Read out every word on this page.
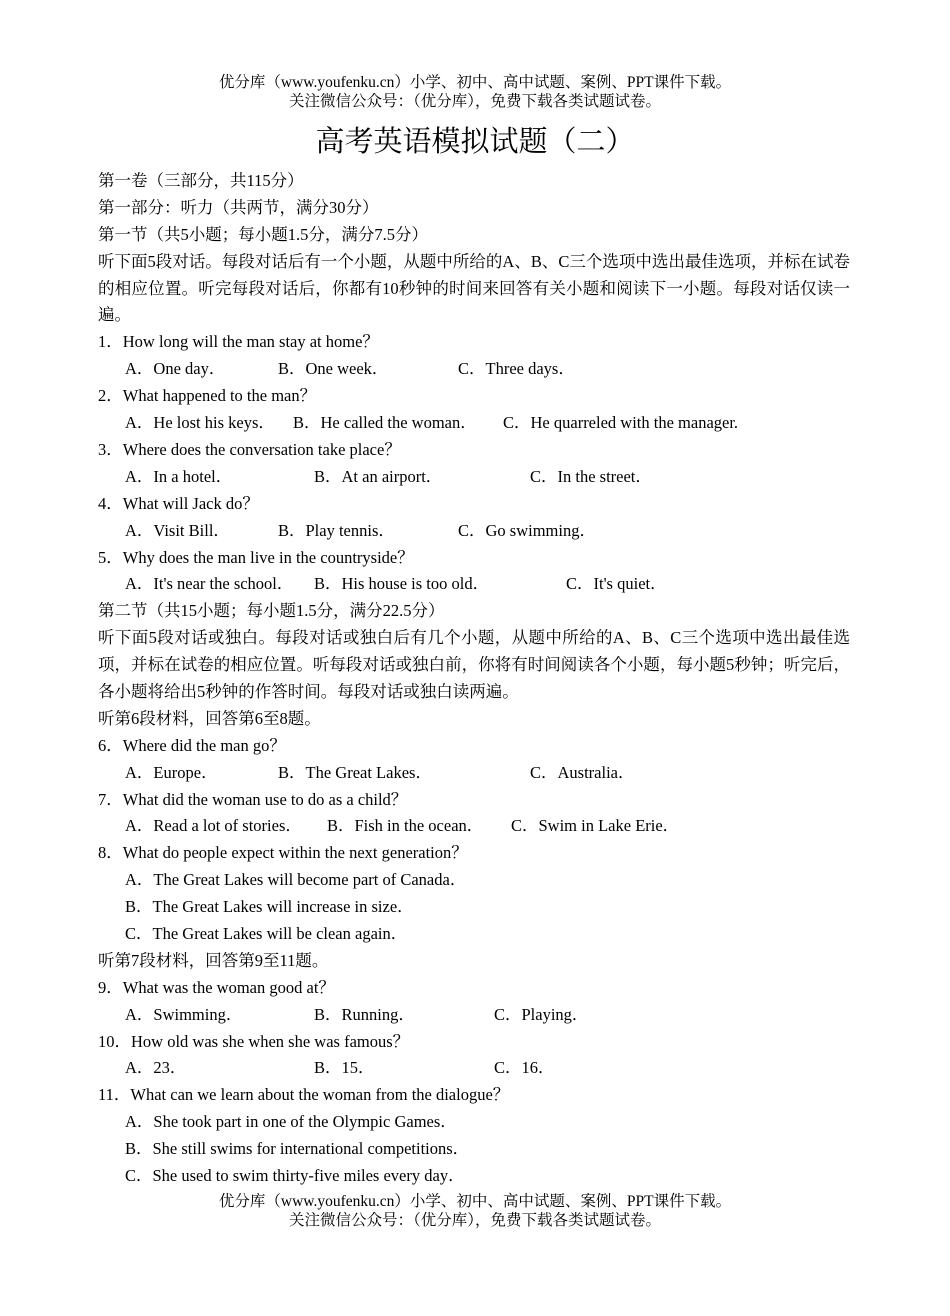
优分库（www.youfenku.cn）小学、初中、高中试题、案例、PPT课件下载。
关注微信公众号：（优分库），免费下载各类试题试卷。
高考英语模拟试题（二）
第一卷（三部分，共115分）
第一部分：听力（共两节，满分30分）
第一节（共5小题；每小题1.5分，满分7.5分）
听下面5段对话。每段对话后有一个小题，从题中所给的A、B、C三个选项中选出最佳选项，并标在试卷的相应位置。听完每段对话后，你都有10秒钟的时间来回答有关小题和阅读下一小题。每段对话仅读一遍。
1．How long will the man stay at home？
A．One day．	B．One week．	C．Three days．
2．What happened to the man？
A．He lost his keys． B．He called the woman． C．He quarreled with the manager.
3．Where does the conversation take place？
A．In a hotel．	B．At an airport．	C．In the street．
4．What will Jack do？
A．Visit Bill．	B．Play tennis．	C．Go swimming．
5．Why does the man live in the countryside？
A．It's near the school． B．His house is too old．	C．It's quiet．
第二节（共15小题；每小题1.5分，满分22.5分）
听下面5段对话或独白。每段对话或独白后有几个小题，从题中所给的A、B、C三个选项中选出最佳选项，并标在试卷的相应位置。听每段对话或独白前，你将有时间阅读各个小题，每小题5秒钟；听完后，各小题将给出5秒钟的作答时间。每段对话或独白读两遍。
听第6段材料，回答第6至8题。
6．Where did the man go？
A．Europe．	B．The Great Lakes．	C．Australia．
7．What did the woman use to do as a child？
A．Read a lot of stories． B．Fish in the ocean． C．Swim in Lake Erie．
8．What do people expect within the next generation？
A．The Great Lakes will become part of Canada．
B．The Great Lakes will increase in size．
C．The Great Lakes will be clean again．
听第7段材料，回答第9至11题。
9．What was the woman good at？
A．Swimming．	B．Running．	C．Playing．
10．How old was she when she was famous？
A．23．	B．15．	C．16．
11．What can we learn about the woman from the dialogue？
A．She took part in one of the Olympic Games．
B．She still swims for international competitions．
C．She used to swim thirty-five miles every day．
优分库（www.youfenku.cn）小学、初中、高中试题、案例、PPT课件下载。
关注微信公众号：（优分库），免费下载各类试题试卷。
